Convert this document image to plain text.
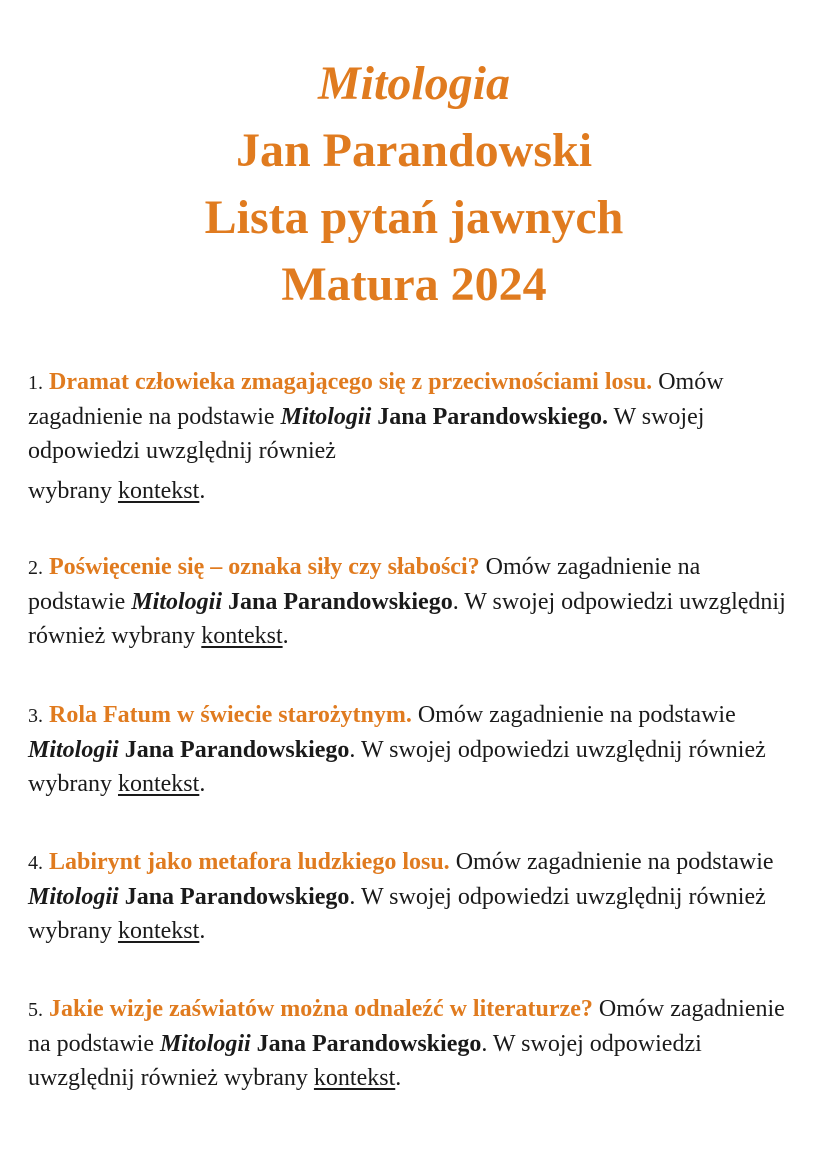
Mitologia
Jan Parandowski
Lista pytań jawnych
Matura 2024
1. Dramat człowieka zmagającego się z przeciwnościami losu. Omów zagadnienie na podstawie Mitologii Jana Parandowskiego. W swojej odpowiedzi uwzględnij również
wybrany kontekst.
2. Poświęcenie się – oznaka siły czy słabości? Omów zagadnienie na podstawie Mitologii Jana Parandowskiego. W swojej odpowiedzi uwzględnij również wybrany kontekst.
3. Rola Fatum w świecie starożytnym. Omów zagadnienie na podstawie Mitologii Jana Parandowskiego. W swojej odpowiedzi uwzględnij również wybrany kontekst.
4. Labirynt jako metafora ludzkiego losu. Omów zagadnienie na podstawie Mitologii Jana Parandowskiego. W swojej odpowiedzi uwzględnij również wybrany kontekst.
5. Jakie wizje zaświatów można odnaleźć w literaturze? Omów zagadnienie na podstawie Mitologii Jana Parandowskiego. W swojej odpowiedzi uwzględnij również wybrany kontekst.
